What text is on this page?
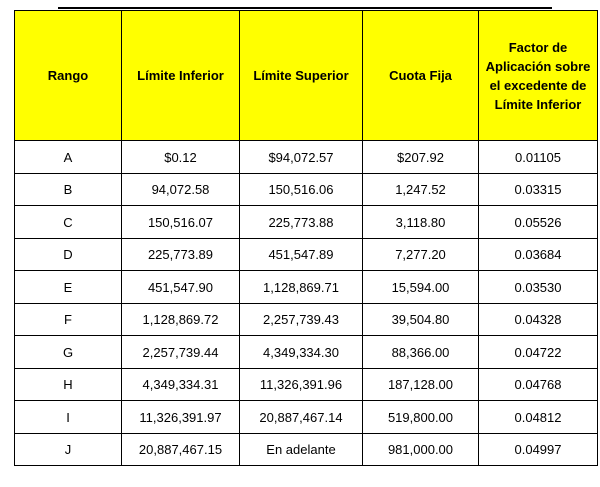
Rango	Límite Inferior	Límite Superior	Cuota Fija	Factor de Aplicación sobre el excedente de Límite Inferior

A	$0.12	$94,072.57	$207.92	0.01105
B	94,072.58	150,516.06	1,247.52	0.03315
C	150,516.07	225,773.88	3,118.80	0.05526
D	225,773.89	451,547.89	7,277.20	0.03684
E	451,547.90	1,128,869.71	15,594.00	0.03530
F	1,128,869.72	2,257,739.43	39,504.80	0.04328
G	2,257,739.44	4,349,334.30	88,366.00	0.04722
H	4,349,334.31	11,326,391.96	187,128.00	0.04768
I	11,326,391.97	20,887,467.14	519,800.00	0.04812
J	20,887,467.15	En adelante	981,000.00	0.04997
